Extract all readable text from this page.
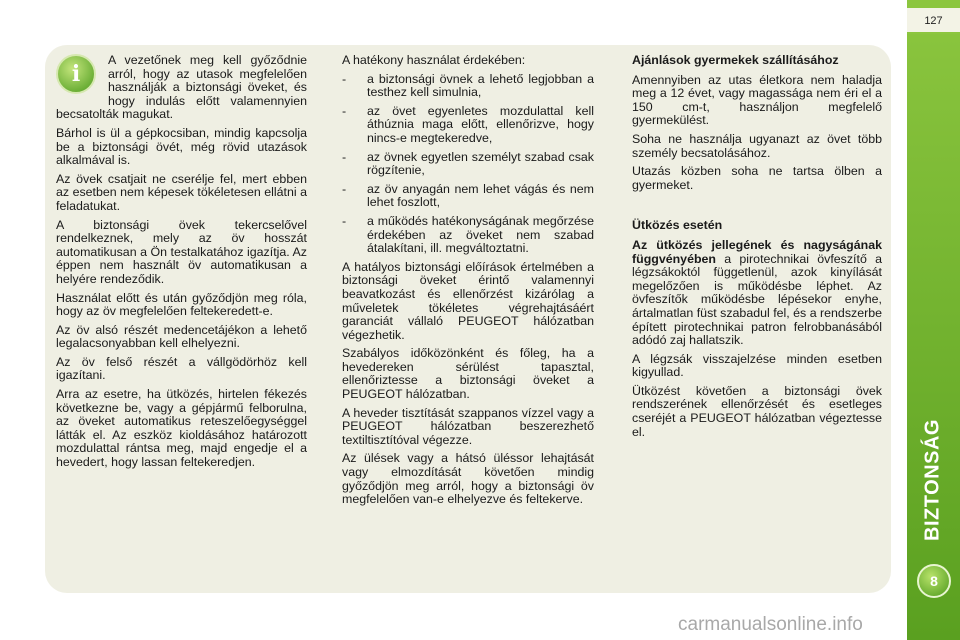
127
BIZTONSÁG
8
i

A vezetőnek meg kell győződnie arról, hogy az utasok megfelelően használják a biztonsági öveket, és hogy indulás előtt valamennyien becsatolták magukat.

Bárhol is ül a gépkocsiban, mindig kapcsolja be a biztonsági övét, még rövid utazások alkalmával is.

Az övek csatjait ne cserélje fel, mert ebben az esetben nem képesek tökéletesen ellátni a feladatukat.

A biztonsági övek tekercselővel rendelkeznek, mely az öv hosszát automatikusan a Ön testalkatához igazítja. Az éppen nem használt öv automatikusan a helyére rendeződik.

Használat előtt és után győződjön meg róla, hogy az öv megfelelően feltekeredett-e.

Az öv alsó részét medencetájékon a lehető legalacsonyabban kell elhelyezni.

Az öv felső részét a vállgödörhöz kell igazítani.

Arra az esetre, ha ütközés, hirtelen fékezés következne be, vagy a gépjármű felborulna, az öveket automatikus reteszelőegységgel látták el. Az eszköz kioldásához határozott mozdulattal rántsa meg, majd engedje el a hevedert, hogy lassan feltekeredjen.

A hatékony használat érdekében:

- a biztonsági övnek a lehető legjobban a testhez kell simulnia,
- az övet egyenletes mozdulattal kell áthúznia maga előtt, ellenőrizve, hogy nincs-e megtekeredve,
- az övnek egyetlen személyt szabad csak rögzítenie,
- az öv anyagán nem lehet vágás és nem lehet foszlott,
- a működés hatékonyságának megőrzése érdekében az öveket nem szabad átalakítani, ill. megváltoztatni.

A hatályos biztonsági előírások értelmében a biztonsági öveket érintő valamennyi beavatkozást és ellenőrzést kizárólag a műveletek tökéletes végrehajtásáért garanciát vállaló PEUGEOT hálózatban végezhetik.

Szabályos időközönként és főleg, ha a hevedereken sérülést tapasztal, ellenőriztesse a biztonsági öveket a PEUGEOT hálózatban.

A heveder tisztítását szappanos vízzel vagy a PEUGEOT hálózatban beszerezhető textiltisztítóval végezze.

Az ülések vagy a hátsó üléssor lehajtását vagy elmozdítását követően mindig győződjön meg arról, hogy a biztonsági öv megfelelően van-e elhelyezve és feltekerve.

Ajánlások gyermekek szállításához

Amennyiben az utas életkora nem haladja meg a 12 évet, vagy magassága nem éri el a 150 cm-t, használjon megfelelő gyermekülést.

Soha ne használja ugyanazt az övet több személy becsatolásához.

Utazás közben soha ne tartsa ölben a gyermeket.

Ütközés esetén

Az ütközés jellegének és nagyságának függvényében a pirotechnikai övfeszítő a légzsákoktól függetlenül, azok kinyílását megelőzően is működésbe léphet. Az övfeszítők működésbe lépésekor enyhe, ártalmatlan füst szabadul fel, és a rendszerbe épített pirotechnikai patron felrobbanásából adódó zaj hallatszik.

A légzsák visszajelzése minden esetben kigyullad.

Ütközést követően a biztonsági övek rendszerének ellenőrzését és esetleges cseréjét a PEUGEOT hálózatban végeztesse el.

carmanualsonline.info
